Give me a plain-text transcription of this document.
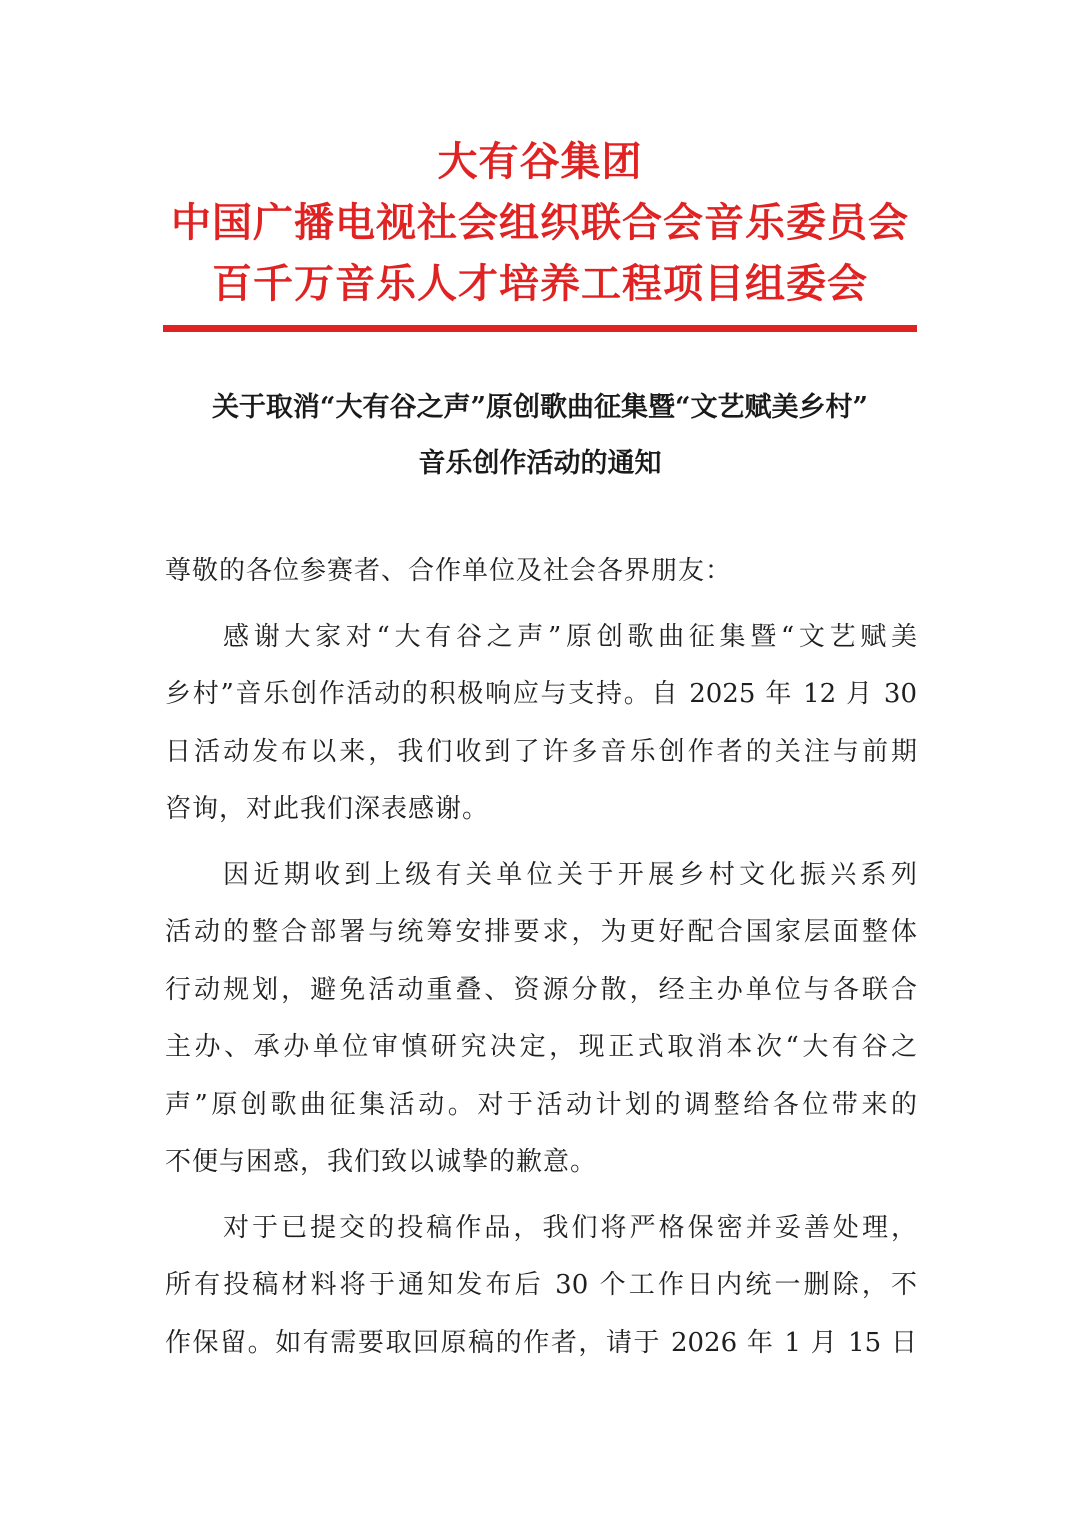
大有谷集团
中国广播电视社会组织联合会音乐委员会
百千万音乐人才培养工程项目组委会
关于取消“大有谷之声”原创歌曲征集暨“文艺赋美乡村”
音乐创作活动的通知
尊敬的各位参赛者、合作单位及社会各界朋友：
感谢大家对“大有谷之声”原创歌曲征集暨“文艺赋美
乡村”音乐创作活动的积极响应与支持。自 2025 年 12 月 30
日活动发布以来，我们收到了许多音乐创作者的关注与前期
咨询，对此我们深表感谢。
因近期收到上级有关单位关于开展乡村文化振兴系列
活动的整合部署与统筹安排要求，为更好配合国家层面整体
行动规划，避免活动重叠、资源分散，经主办单位与各联合
主办、承办单位审慎研究决定，现正式取消本次“大有谷之
声”原创歌曲征集活动。对于活动计划的调整给各位带来的
不便与困惑，我们致以诚挚的歉意。
对于已提交的投稿作品，我们将严格保密并妥善处理，
所有投稿材料将于通知发布后 30 个工作日内统一删除，不
作保留。如有需要取回原稿的作者，请于 2026 年 1 月 15 日
